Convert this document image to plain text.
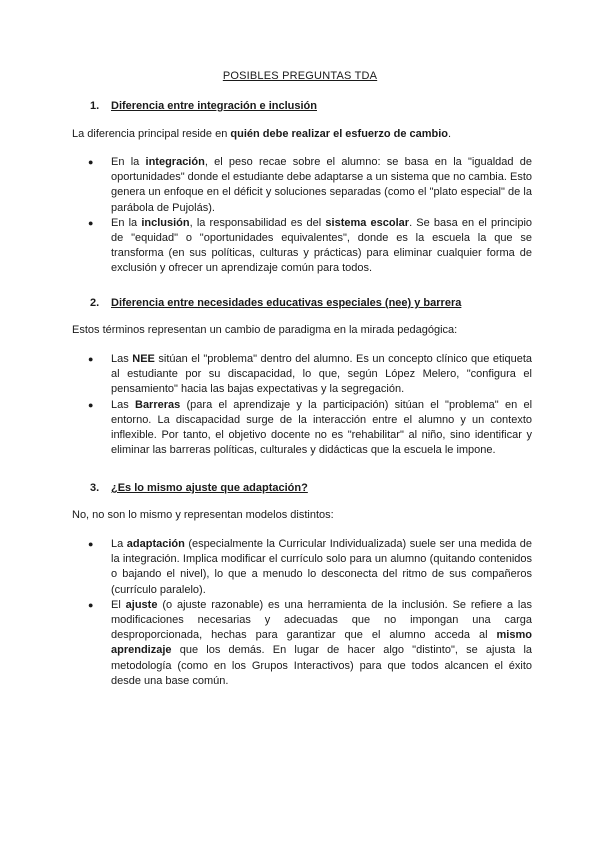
POSIBLES PREGUNTAS TDA

1.	Diferencia entre integración e inclusión

La diferencia principal reside en quién debe realizar el esfuerzo de cambio.

● En la integración, el peso recae sobre el alumno: se basa en la "igualdad de oportunidades" donde el estudiante debe adaptarse a un sistema que no cambia. Esto genera un enfoque en el déficit y soluciones separadas (como el "plato especial" de la parábola de Pujolás).
● En la inclusión, la responsabilidad es del sistema escolar. Se basa en el principio de "equidad" o "oportunidades equivalentes", donde es la escuela la que se transforma (en sus políticas, culturas y prácticas) para eliminar cualquier forma de exclusión y ofrecer un aprendizaje común para todos.

2.	Diferencia entre necesidades educativas especiales (nee) y barrera

Estos términos representan un cambio de paradigma en la mirada pedagógica:

● Las NEE sitúan el "problema" dentro del alumno. Es un concepto clínico que etiqueta al estudiante por su discapacidad, lo que, según López Melero, "configura el pensamiento" hacia las bajas expectativas y la segregación.
● Las Barreras (para el aprendizaje y la participación) sitúan el "problema" en el entorno. La discapacidad surge de la interacción entre el alumno y un contexto inflexible. Por tanto, el objetivo docente no es "rehabilitar" al niño, sino identificar y eliminar las barreras políticas, culturales y didácticas que la escuela le impone.

3.	¿Es lo mismo ajuste que adaptación?

No, no son lo mismo y representan modelos distintos:

● La adaptación (especialmente la Curricular Individualizada) suele ser una medida de la integración. Implica modificar el currículo solo para un alumno (quitando contenidos o bajando el nivel), lo que a menudo lo desconecta del ritmo de sus compañeros (currículo paralelo).
● El ajuste (o ajuste razonable) es una herramienta de la inclusión. Se refiere a las modificaciones necesarias y adecuadas que no impongan una carga desproporcionada, hechas para garantizar que el alumno acceda al mismo aprendizaje que los demás. En lugar de hacer algo "distinto", se ajusta la metodología (como en los Grupos Interactivos) para que todos alcancen el éxito desde una base común.
